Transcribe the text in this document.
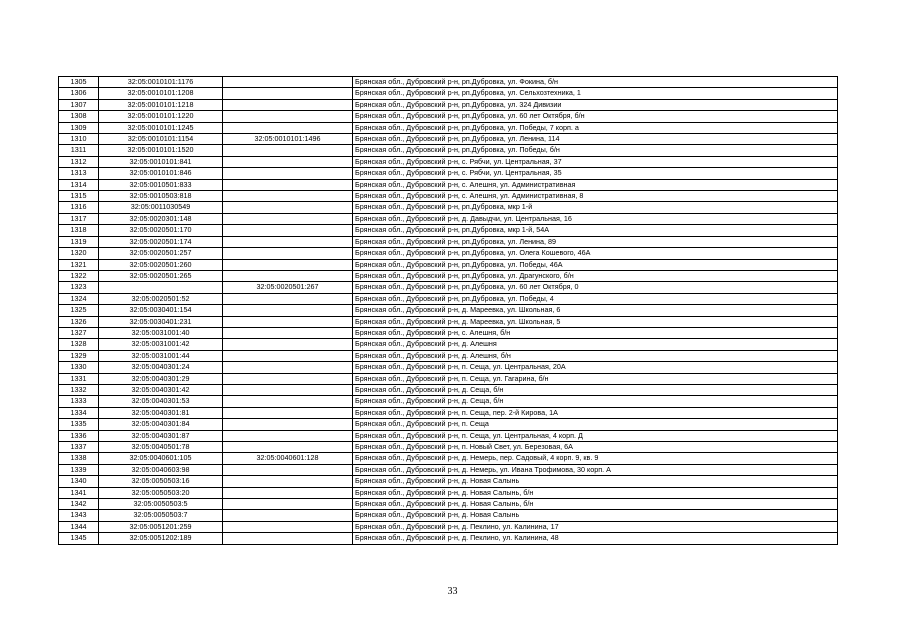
1305	32:05:0010101:1176		Брянская обл., Дубровский р-н, рп.Дубровка, ул. Фокина, б/н
1306	32:05:0010101:1208		Брянская обл., Дубровский р-н, рп.Дубровка, ул. Сельхозтехника, 1
1307	32:05:0010101:1218		Брянская обл., Дубровский р-н, рп.Дубровка, ул. 324 Дивизии
1308	32:05:0010101:1220		Брянская обл., Дубровский р-н, рп.Дубровка, ул. 60 лет Октября, б/н
1309	32:05:0010101:1245		Брянская обл., Дубровский р-н, рп.Дубровка, ул. Победы, 7 корп. а
1310	32:05:0010101:1154	32:05:0010101:1496	Брянская обл., Дубровский р-н, рп.Дубровка, ул. Ленина, 114
1311	32:05:0010101:1520		Брянская обл., Дубровский р-н, рп.Дубровка, ул. Победы, б/н
1312	32:05:0010101:841		Брянская обл., Дубровский р-н, с. Рябчи, ул. Центральная, 37
1313	32:05:0010101:846		Брянская обл., Дубровский р-н, с. Рябчи, ул. Центральная, 35
1314	32:05:0010501:833		Брянская обл., Дубровский р-н, с. Алешня, ул. Административная
1315	32:05:0010503:818		Брянская обл., Дубровский р-н, с. Алешня, ул. Административная, 8
1316	32:05:0011030549		Брянская обл., Дубровский р-н, рп.Дубровка, мкр 1-й
1317	32:05:0020301:148		Брянская обл., Дубровский р-н, д. Давыдчи, ул. Центральная, 16
1318	32:05:0020501:170		Брянская обл., Дубровский р-н, рп.Дубровка, мкр 1-й, 54А
1319	32:05:0020501:174		Брянская обл., Дубровский р-н, рп.Дубровка, ул. Ленина, 89
1320	32:05:0020501:257		Брянская обл., Дубровский р-н, рп.Дубровка, ул. Олега Кошевого, 46А
1321	32:05:0020501:260		Брянская обл., Дубровский р-н, рп.Дубровка, ул. Победы, 46А
1322	32:05:0020501:265		Брянская обл., Дубровский р-н, рп.Дубровка, ул. Драгунского, б/н
1323		32:05:0020501:267	Брянская обл., Дубровский р-н, рп.Дубровка, ул. 60 лет Октября, 0
1324	32:05:0020501:52		Брянская обл., Дубровский р-н, рп.Дубровка, ул. Победы, 4
1325	32:05:0030401:154		Брянская обл., Дубровский р-н, д. Мареевка, ул. Школьная, 6
1326	32:05:0030401:231		Брянская обл., Дубровский р-н, д. Мареевка, ул. Школьная, 5
1327	32:05:0031001:40		Брянская обл., Дубровский р-н, с. Алешня, б/н
1328	32:05:0031001:42		Брянская обл., Дубровский р-н, д. Алешня
1329	32:05:0031001:44		Брянская обл., Дубровский р-н, д. Алешня, б/н
1330	32:05:0040301:24		Брянская обл., Дубровский р-н, п. Сеща, ул. Центральная, 20А
1331	32:05:0040301:29		Брянская обл., Дубровский р-н, п. Сеща, ул. Гагарина, б/н
1332	32:05:0040301:42		Брянская обл., Дубровский р-н, д. Сеща, б/н
1333	32:05:0040301:53		Брянская обл., Дубровский р-н, д. Сеща, б/н
1334	32:05:0040301:81		Брянская обл., Дубровский р-н, п. Сеща, пер. 2-й Кирова, 1А
1335	32:05:0040301:84		Брянская обл., Дубровский р-н, п. Сеща
1336	32:05:0040301:87		Брянская обл., Дубровский р-н, п. Сеща, ул. Центральная, 4 корп. Д
1337	32:05:0040501:78		Брянская обл., Дубровский р-н, п. Новый Свет, ул. Березовая, 6А
1338	32:05:0040601:105	32:05:0040601:128	Брянская обл., Дубровский р-н, д. Немерь, пер. Садовый, 4 корп. 9, кв. 9
1339	32:05:0040603:98		Брянская обл., Дубровский р-н, д. Немерь, ул. Ивана Трофимова, 30 корп. А
1340	32:05:0050503:16		Брянская обл., Дубровский р-н, д. Новая Салынь
1341	32:05:0050503:20		Брянская обл., Дубровский р-н, д. Новая Салынь, б/н
1342	32:05:0050503:5		Брянская обл., Дубровский р-н, д. Новая Салынь, б/н
1343	32:05:0050503:7		Брянская обл., Дубровский р-н, д. Новая Салынь
1344	32:05:0051201:259		Брянская обл., Дубровский р-н, д. Пеклино, ул. Калинина, 17
1345	32:05:0051202:189		Брянская обл., Дубровский р-н, д. Пеклино, ул. Калинина, 48
33
